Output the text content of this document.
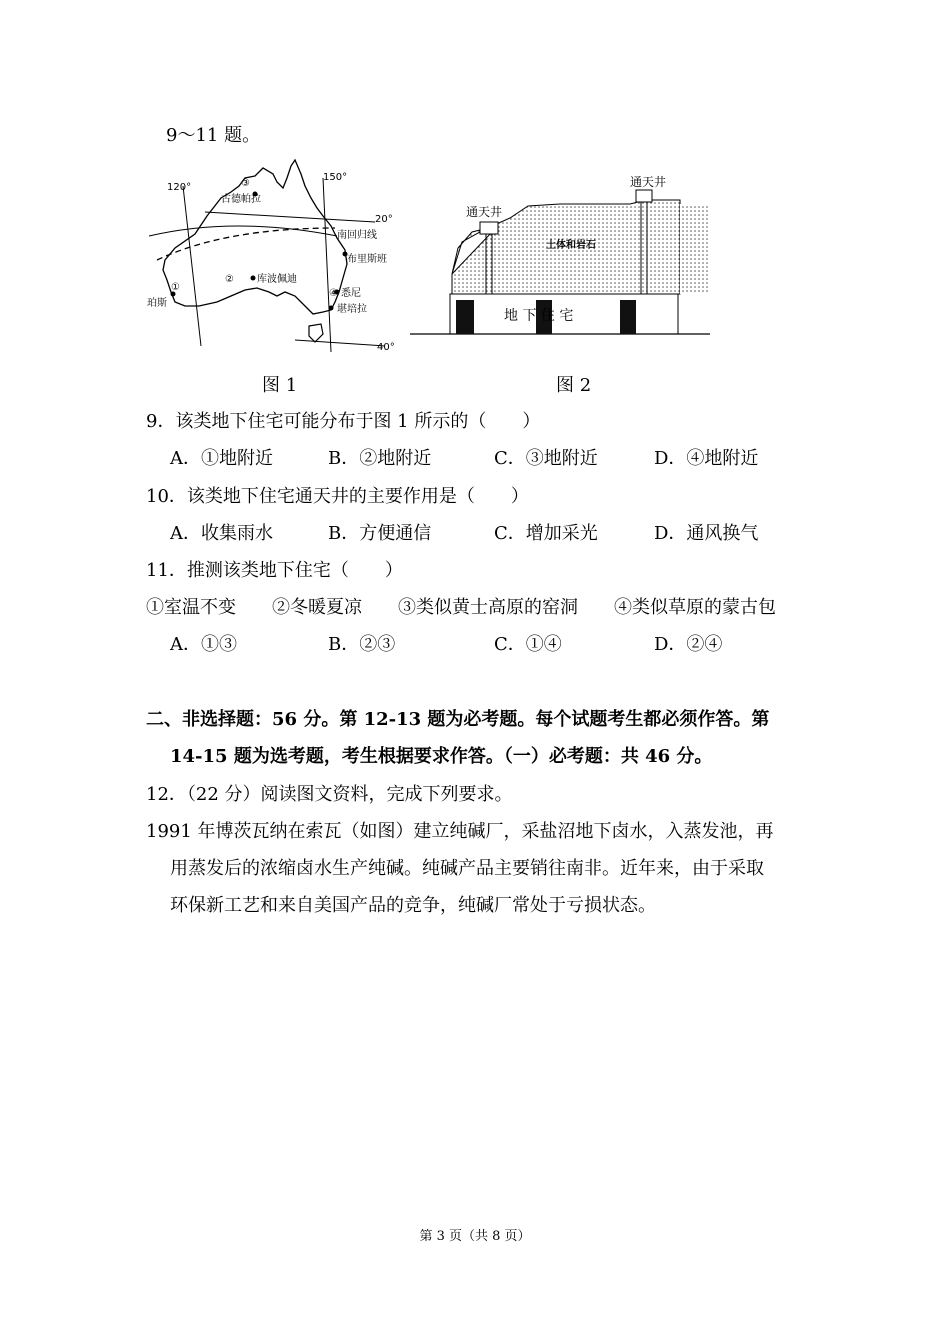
9～11 题。
120°
150°
20°
40°
南回归线
③
古德帕拉
② 库波佩迪
布里斯班
④ 悉尼
堪培拉
①
珀斯
图 1
通天井
通天井
土体和岩石
地 下 住 宅
图 2
9．该类地下住宅可能分布于图 1 所示的（　　）
A．①地附近	B．②地附近	C．③地附近	D．④地附近
10．该类地下住宅通天井的主要作用是（　　）
A．收集雨水	B．方便通信	C．增加采光	D．通风换气
11．推测该类地下住宅（　　）
①室温不变　　②冬暖夏凉　　③类似黄士高原的窑洞　　④类似草原的蒙古包
A．①③	B．②③	C．①④	D．②④
二、非选择题：56 分。第 12-13 题为必考题。每个试题考生都必须作答。第
14-15 题为选考题，考生根据要求作答。（一）必考题：共 46 分。
12．（22 分）阅读图文资料，完成下列要求。
1991 年博茨瓦纳在索瓦（如图）建立纯碱厂，采盐沼地下卤水，入蒸发池，再
用蒸发后的浓缩卤水生产纯碱。纯碱产品主要销往南非。近年来，由于采取
环保新工艺和来自美国产品的竞争，纯碱厂常处于亏损状态。
第 3 页（共 8 页）
